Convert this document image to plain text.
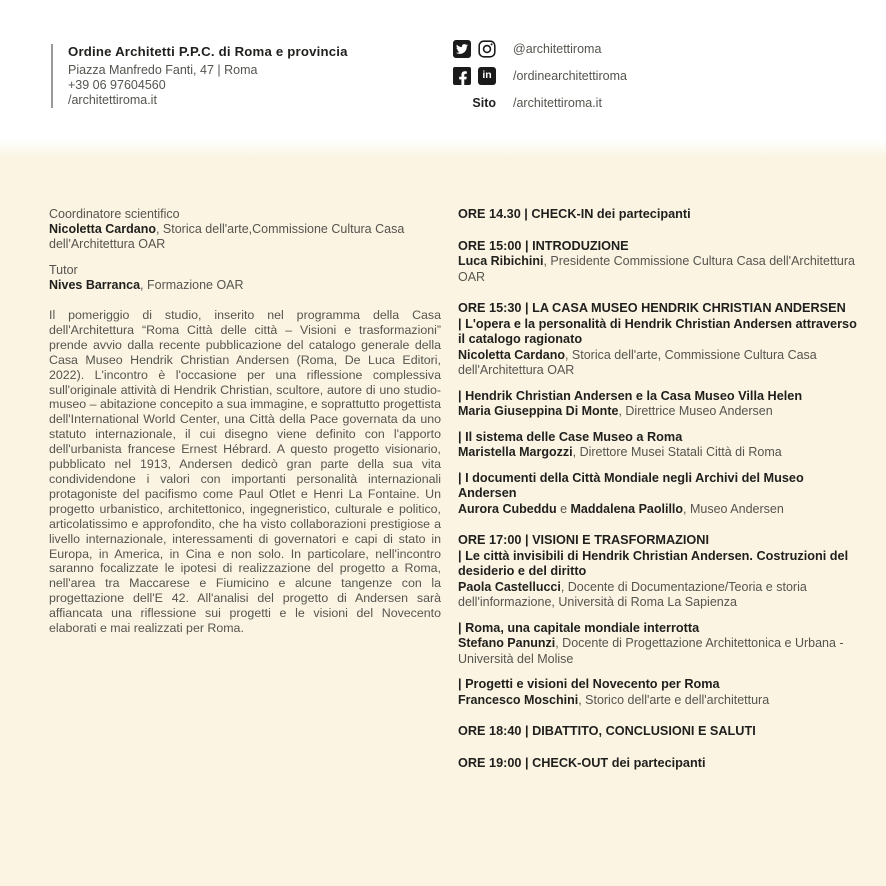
Ordine Architetti P.P.C. di Roma e provincia

Piazza Manfredo Fanti, 47 | Roma

+39 06 97604560

/architettiroma.it

@architettiroma
in /ordinearchitettiroma
Sito /architettiroma.it

Coordinatore scientifico

Nicoletta Cardano, Storica dell'arte,Commissione Cultura Casa dell'Architettura OAR

Tutor

Nives Barranca, Formazione OAR

Il pomeriggio di studio, inserito nel programma della Casa dell'Architettura “Roma Città delle città – Visioni e trasformazioni” prende avvio dalla recente pubblicazione del catalogo generale della Casa Museo Hendrik Christian Andersen (Roma, De Luca Editori, 2022). L'incontro è l'occasione per una riflessione complessiva sull'originale attività di Hendrik Christian, scultore, autore di uno studio- museo – abitazione concepito a sua immagine, e soprattutto progettista dell'International World Center, una Città della Pace governata da uno statuto internazionale, il cui disegno viene definito con l'apporto dell'urbanista francese Ernest Hébrard. A questo progetto visionario, pubblicato nel 1913, Andersen dedicò gran parte della sua vita condividendone i valori con importanti personalità internazionali protagoniste del pacifismo come Paul Otlet e Henri La Fontaine. Un progetto urbanistico, architettonico, ingegneristico, culturale e politico, articolatissimo e approfondito, che ha visto collaborazioni prestigiose a livello internazionale, interessamenti di governatori e capi di stato in Europa, in America, in Cina e non solo. In particolare, nell'incontro saranno focalizzate le ipotesi di realizzazione del progetto a Roma, nell'area tra Maccarese e Fiumicino e alcune tangenze con la progettazione dell'E 42. All'analisi del progetto di Andersen sarà affiancata una riflessione sui progetti e le visioni del Novecento elaborati e mai realizzati per Roma.

ORE 14.30 | CHECK-IN dei partecipanti

ORE 15:00 | INTRODUZIONE

Luca Ribichini, Presidente Commissione Cultura Casa dell'Architettura OAR

ORE 15:30 | LA CASA MUSEO HENDRIK CHRISTIAN ANDERSEN

| L'opera e la personalità di Hendrik Christian Andersen attraverso il catalogo ragionato

Nicoletta Cardano, Storica dell'arte, Commissione Cultura Casa dell'Architettura OAR

| Hendrik Christian Andersen e la Casa Museo Villa Helen

Maria Giuseppina Di Monte, Direttrice Museo Andersen

| Il sistema delle Case Museo a Roma

Maristella Margozzi, Direttore Musei Statali Città di Roma

| I documenti della Città Mondiale negli Archivi del Museo Andersen

Aurora Cubeddu e Maddalena Paolillo, Museo Andersen

ORE 17:00 | VISIONI E TRASFORMAZIONI

| Le città invisibili di Hendrik Christian Andersen. Costruzioni del desiderio e del diritto

Paola Castellucci, Docente di Documentazione/Teoria e storia dell'informazione, Università di Roma La Sapienza

| Roma, una capitale mondiale interrotta

Stefano Panunzi, Docente di Progettazione Architettonica e Urbana - Università del Molise

| Progetti e visioni del Novecento per Roma

Francesco Moschini, Storico dell'arte e dell'architettura

ORE 18:40 | DIBATTITO, CONCLUSIONI E SALUTI

ORE 19:00 | CHECK-OUT dei partecipanti
